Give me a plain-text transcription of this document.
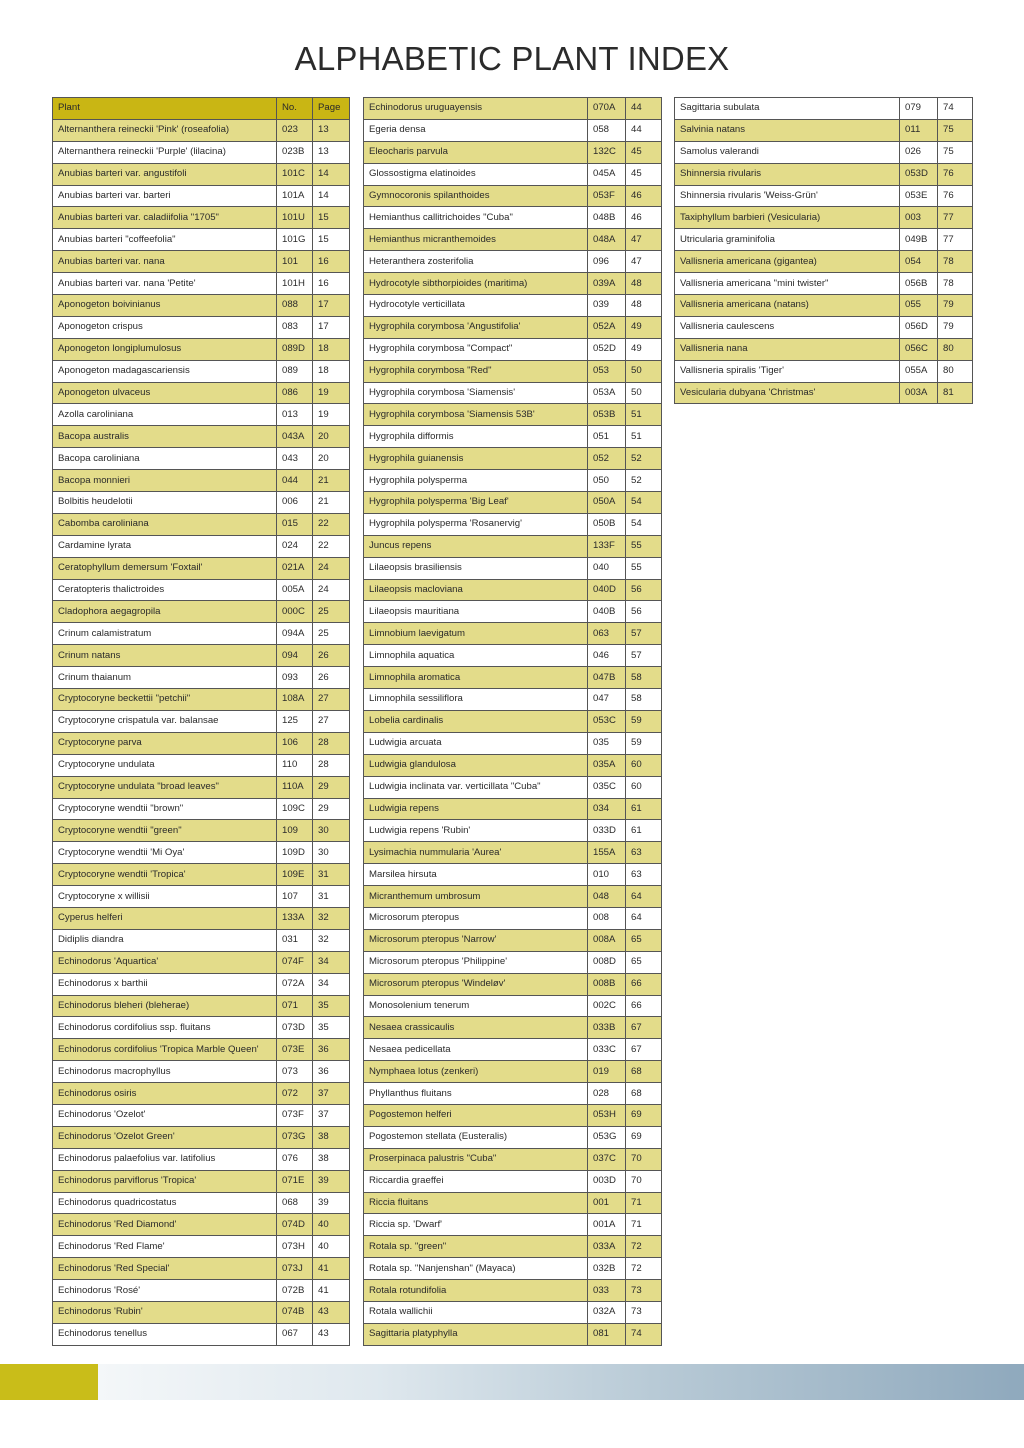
ALPHABETIC PLANT INDEX
Plant	No.	Page
Alternanthera reineckii 'Pink' (roseafolia)	023	13
Alternanthera reineckii 'Purple' (lilacina)	023B	13
Anubias barteri var. angustifoli	101C	14
Anubias barteri var. barteri	101A	14
Anubias barteri var. caladiifolia "1705"	101U	15
Anubias barteri "coffeefolia"	101G	15
Anubias barteri var. nana	101	16
Anubias barteri var. nana 'Petite'	101H	16
Aponogeton boivinianus	088	17
Aponogeton crispus	083	17
Aponogeton longiplumulosus	089D	18
Aponogeton madagascariensis	089	18
Aponogeton ulvaceus	086	19
Azolla caroliniana	013	19
Bacopa australis	043A	20
Bacopa caroliniana	043	20
Bacopa monnieri	044	21
Bolbitis heudelotii	006	21
Cabomba caroliniana	015	22
Cardamine lyrata	024	22
Ceratophyllum demersum 'Foxtail'	021A	24
Ceratopteris thalictroides	005A	24
Cladophora aegagropila	000C	25
Crinum calamistratum	094A	25
Crinum natans	094	26
Crinum thaianum	093	26
Cryptocoryne beckettii "petchii"	108A	27
Cryptocoryne crispatula var. balansae	125	27
Cryptocoryne parva	106	28
Cryptocoryne undulata	110	28
Cryptocoryne undulata "broad leaves"	110A	29
Cryptocoryne wendtii "brown"	109C	29
Cryptocoryne wendtii "green"	109	30
Cryptocoryne wendtii 'Mi Oya'	109D	30
Cryptocoryne wendtii 'Tropica'	109E	31
Cryptocoryne x willisii	107	31
Cyperus helferi	133A	32
Didiplis diandra	031	32
Echinodorus 'Aquartica'	074F	34
Echinodorus x barthii	072A	34
Echinodorus bleheri (bleherae)	071	35
Echinodorus cordifolius ssp. fluitans	073D	35
Echinodorus cordifolius 'Tropica Marble Queen'	073E	36
Echinodorus macrophyllus	073	36
Echinodorus osiris	072	37
Echinodorus 'Ozelot'	073F	37
Echinodorus 'Ozelot Green'	073G	38
Echinodorus palaefolius var. latifolius	076	38
Echinodorus parviflorus 'Tropica'	071E	39
Echinodorus quadricostatus	068	39
Echinodorus 'Red Diamond'	074D	40
Echinodorus 'Red Flame'	073H	40
Echinodorus 'Red Special'	073J	41
Echinodorus 'Rosé'	072B	41
Echinodorus 'Rubin'	074B	43
Echinodorus tenellus	067	43
Echinodorus uruguayensis	070A	44
Egeria densa	058	44
Eleocharis parvula	132C	45
Glossostigma elatinoides	045A	45
Gymnocoronis spilanthoides	053F	46
Hemianthus callitrichoides "Cuba"	048B	46
Hemianthus micranthemoides	048A	47
Heteranthera zosterifolia	096	47
Hydrocotyle sibthorpioides (maritima)	039A	48
Hydrocotyle verticillata	039	48
Hygrophila corymbosa 'Angustifolia'	052A	49
Hygrophila corymbosa "Compact"	052D	49
Hygrophila corymbosa "Red"	053	50
Hygrophila corymbosa 'Siamensis'	053A	50
Hygrophila corymbosa 'Siamensis 53B'	053B	51
Hygrophila difformis	051	51
Hygrophila guianensis	052	52
Hygrophila polysperma	050	52
Hygrophila polysperma 'Big Leaf'	050A	54
Hygrophila polysperma 'Rosanervig'	050B	54
Juncus repens	133F	55
Lilaeopsis brasiliensis	040	55
Lilaeopsis macloviana	040D	56
Lilaeopsis mauritiana	040B	56
Limnobium laevigatum	063	57
Limnophila aquatica	046	57
Limnophila aromatica	047B	58
Limnophila sessiliflora	047	58
Lobelia cardinalis	053C	59
Ludwigia arcuata	035	59
Ludwigia glandulosa	035A	60
Ludwigia inclinata var. verticillata "Cuba"	035C	60
Ludwigia repens	034	61
Ludwigia repens 'Rubin'	033D	61
Lysimachia nummularia 'Aurea'	155A	63
Marsilea hirsuta	010	63
Micranthemum umbrosum	048	64
Microsorum pteropus	008	64
Microsorum pteropus 'Narrow'	008A	65
Microsorum pteropus 'Philippine'	008D	65
Microsorum pteropus 'Windeløv'	008B	66
Monosolenium tenerum	002C	66
Nesaea crassicaulis	033B	67
Nesaea pedicellata	033C	67
Nymphaea lotus (zenkeri)	019	68
Phyllanthus fluitans	028	68
Pogostemon helferi	053H	69
Pogostemon stellata (Eusteralis)	053G	69
Proserpinaca palustris "Cuba"	037C	70
Riccardia graeffei	003D	70
Riccia fluitans	001	71
Riccia sp. 'Dwarf'	001A	71
Rotala sp. "green"	033A	72
Rotala sp. "Nanjenshan" (Mayaca)	032B	72
Rotala rotundifolia	033	73
Rotala wallichii	032A	73
Sagittaria platyphylla	081	74
Sagittaria subulata	079	74
Salvinia natans	011	75
Samolus valerandi	026	75
Shinnersia rivularis	053D	76
Shinnersia rivularis 'Weiss-Grün'	053E	76
Taxiphyllum barbieri (Vesicularia)	003	77
Utricularia graminifolia	049B	77
Vallisneria americana (gigantea)	054	78
Vallisneria americana "mini twister"	056B	78
Vallisneria americana (natans)	055	79
Vallisneria caulescens	056D	79
Vallisneria nana	056C	80
Vallisneria spiralis 'Tiger'	055A	80
Vesicularia dubyana 'Christmas'	003A	81
